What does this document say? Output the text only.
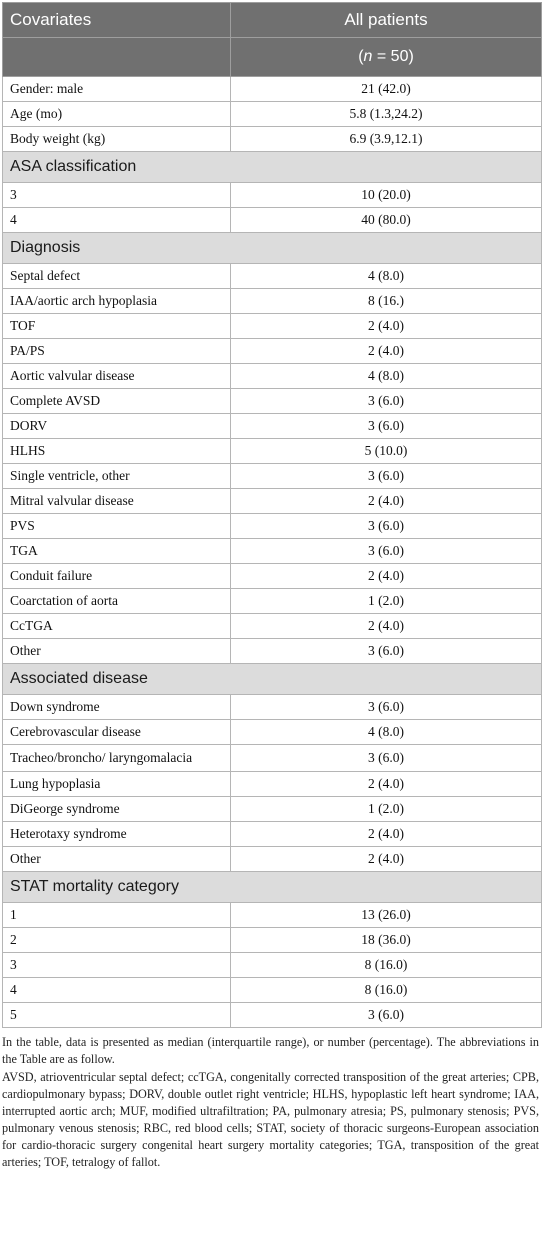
Covariates	All patients
	(n = 50)
Gender: male	21 (42.0)
Age (mo)	5.8 (1.3,24.2)
Body weight (kg)	6.9 (3.9,12.1)
ASA classification	
3	10 (20.0)
4	40 (80.0)
Diagnosis	
Septal defect	4 (8.0)
IAA/aortic arch hypoplasia	8 (16.)
TOF	2 (4.0)
PA/PS	2 (4.0)
Aortic valvular disease	4 (8.0)
Complete AVSD	3 (6.0)
DORV	3 (6.0)
HLHS	5 (10.0)
Single ventricle, other	3 (6.0)
Mitral valvular disease	2 (4.0)
PVS	3 (6.0)
TGA	3 (6.0)
Conduit failure	2 (4.0)
Coarctation of aorta	1 (2.0)
CcTGA	2 (4.0)
Other	3 (6.0)
Associated disease	
Down syndrome	3 (6.0)
Cerebrovascular disease	4 (8.0)
Tracheo/broncho/ laryngomalacia	3 (6.0)
Lung hypoplasia	2 (4.0)
DiGeorge syndrome	1 (2.0)
Heterotaxy syndrome	2 (4.0)
Other	2 (4.0)
STAT mortality category	
1	13 (26.0)
2	18 (36.0)
3	8 (16.0)
4	8 (16.0)
5	3 (6.0)

In the table, data is presented as median (interquartile range), or number (percentage). The abbreviations in the Table are as follow.

AVSD, atrioventricular septal defect; ccTGA, congenitally corrected transposition of the great arteries; CPB, cardiopulmonary bypass; DORV, double outlet right ventricle; HLHS, hypoplastic left heart syndrome; IAA, interrupted aortic arch; MUF, modified ultrafiltration; PA, pulmonary atresia; PS, pulmonary stenosis; PVS, pulmonary venous stenosis; RBC, red blood cells; STAT, society of thoracic surgeons-European association for cardio-thoracic surgery congenital heart surgery mortality categories; TGA, transposition of the great arteries; TOF, tetralogy of fallot.
